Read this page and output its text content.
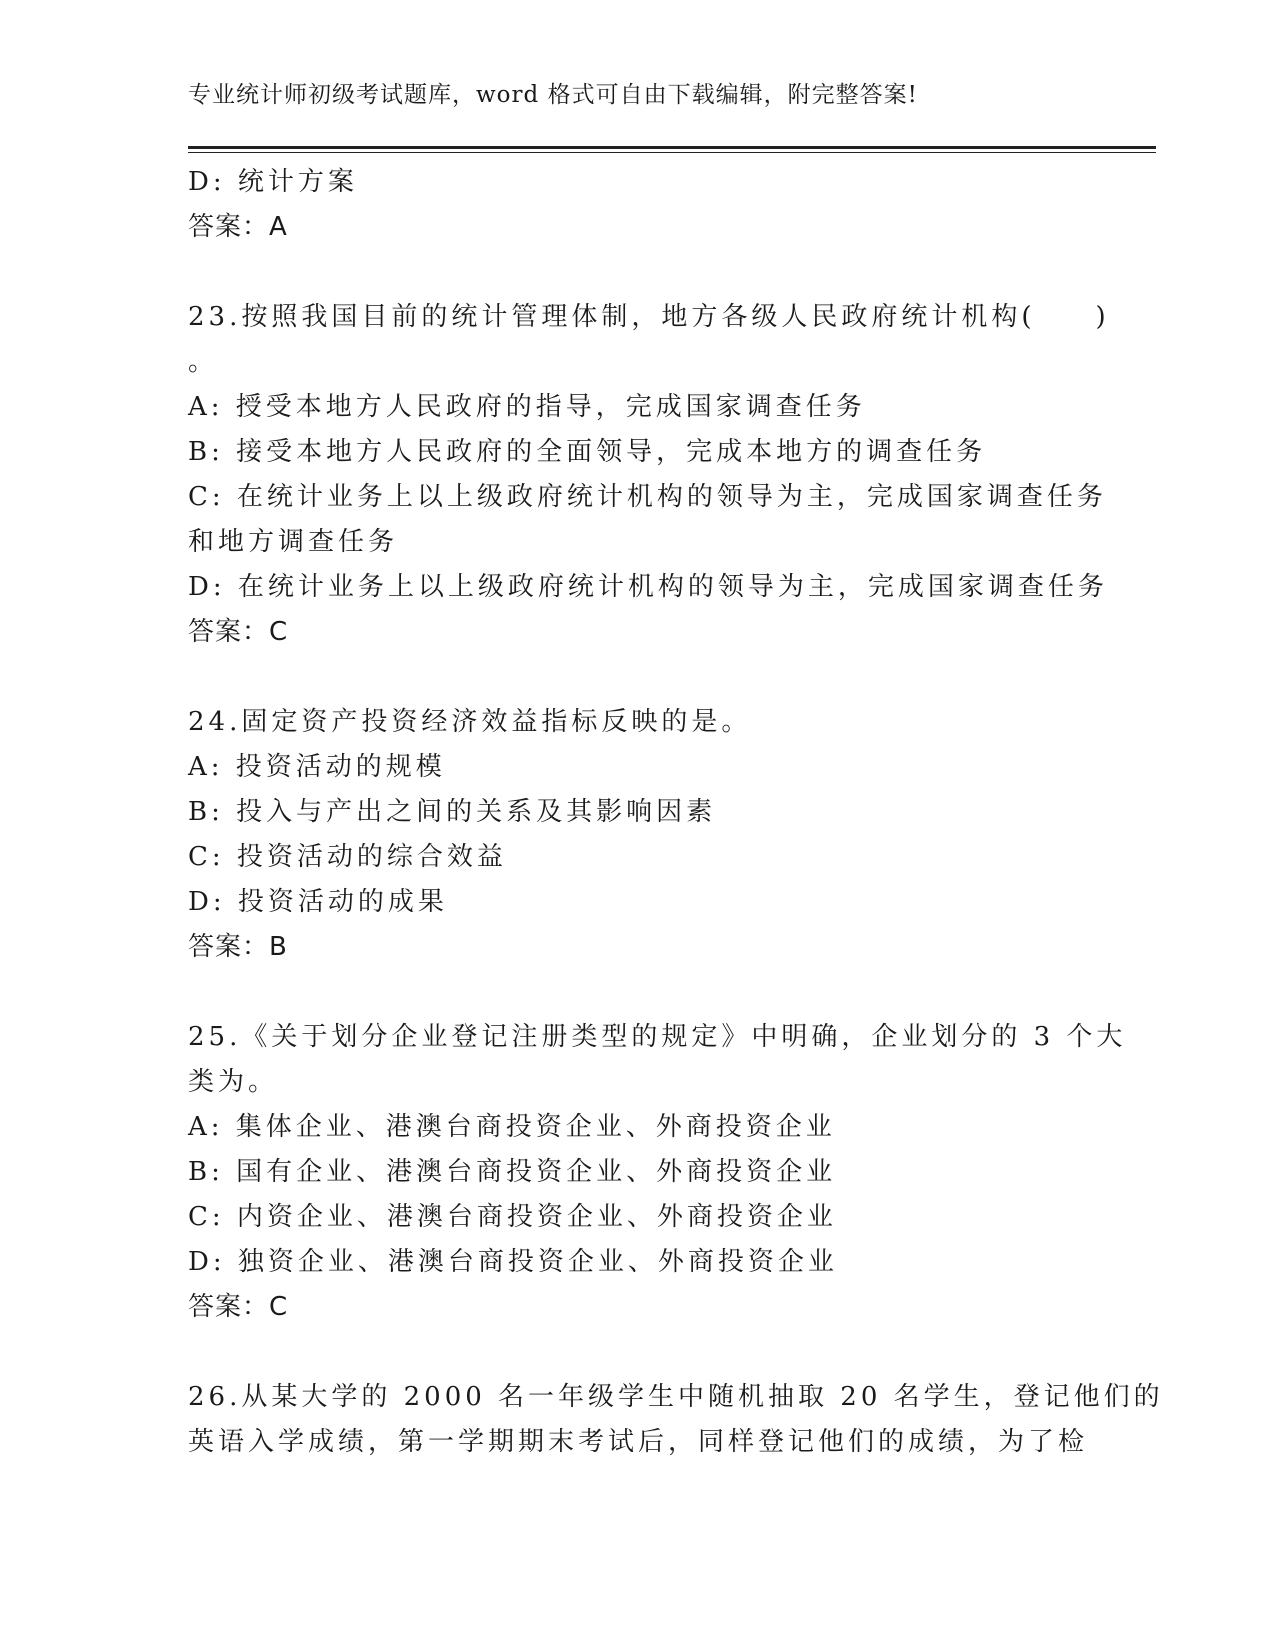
专业统计师初级考试题库，word 格式可自由下载编辑，附完整答案!
D: 统计方案
答案：A
23.按照我国目前的统计管理体制，地方各级人民政府统计机构(　　)
。
A: 授受本地方人民政府的指导，完成国家调查任务
B: 接受本地方人民政府的全面领导，完成本地方的调查任务
C: 在统计业务上以上级政府统计机构的领导为主，完成国家调查任务
和地方调查任务
D: 在统计业务上以上级政府统计机构的领导为主，完成国家调查任务
答案：C
24.固定资产投资经济效益指标反映的是。
A: 投资活动的规模
B: 投入与产出之间的关系及其影响因素
C: 投资活动的综合效益
D: 投资活动的成果
答案：B
25.《关于划分企业登记注册类型的规定》中明确，企业划分的 3 个大
类为。
A: 集体企业、港澳台商投资企业、外商投资企业
B: 国有企业、港澳台商投资企业、外商投资企业
C: 内资企业、港澳台商投资企业、外商投资企业
D: 独资企业、港澳台商投资企业、外商投资企业
答案：C
26.从某大学的 2000 名一年级学生中随机抽取 20 名学生，登记他们的
英语入学成绩，第一学期期末考试后，同样登记他们的成绩，为了检
